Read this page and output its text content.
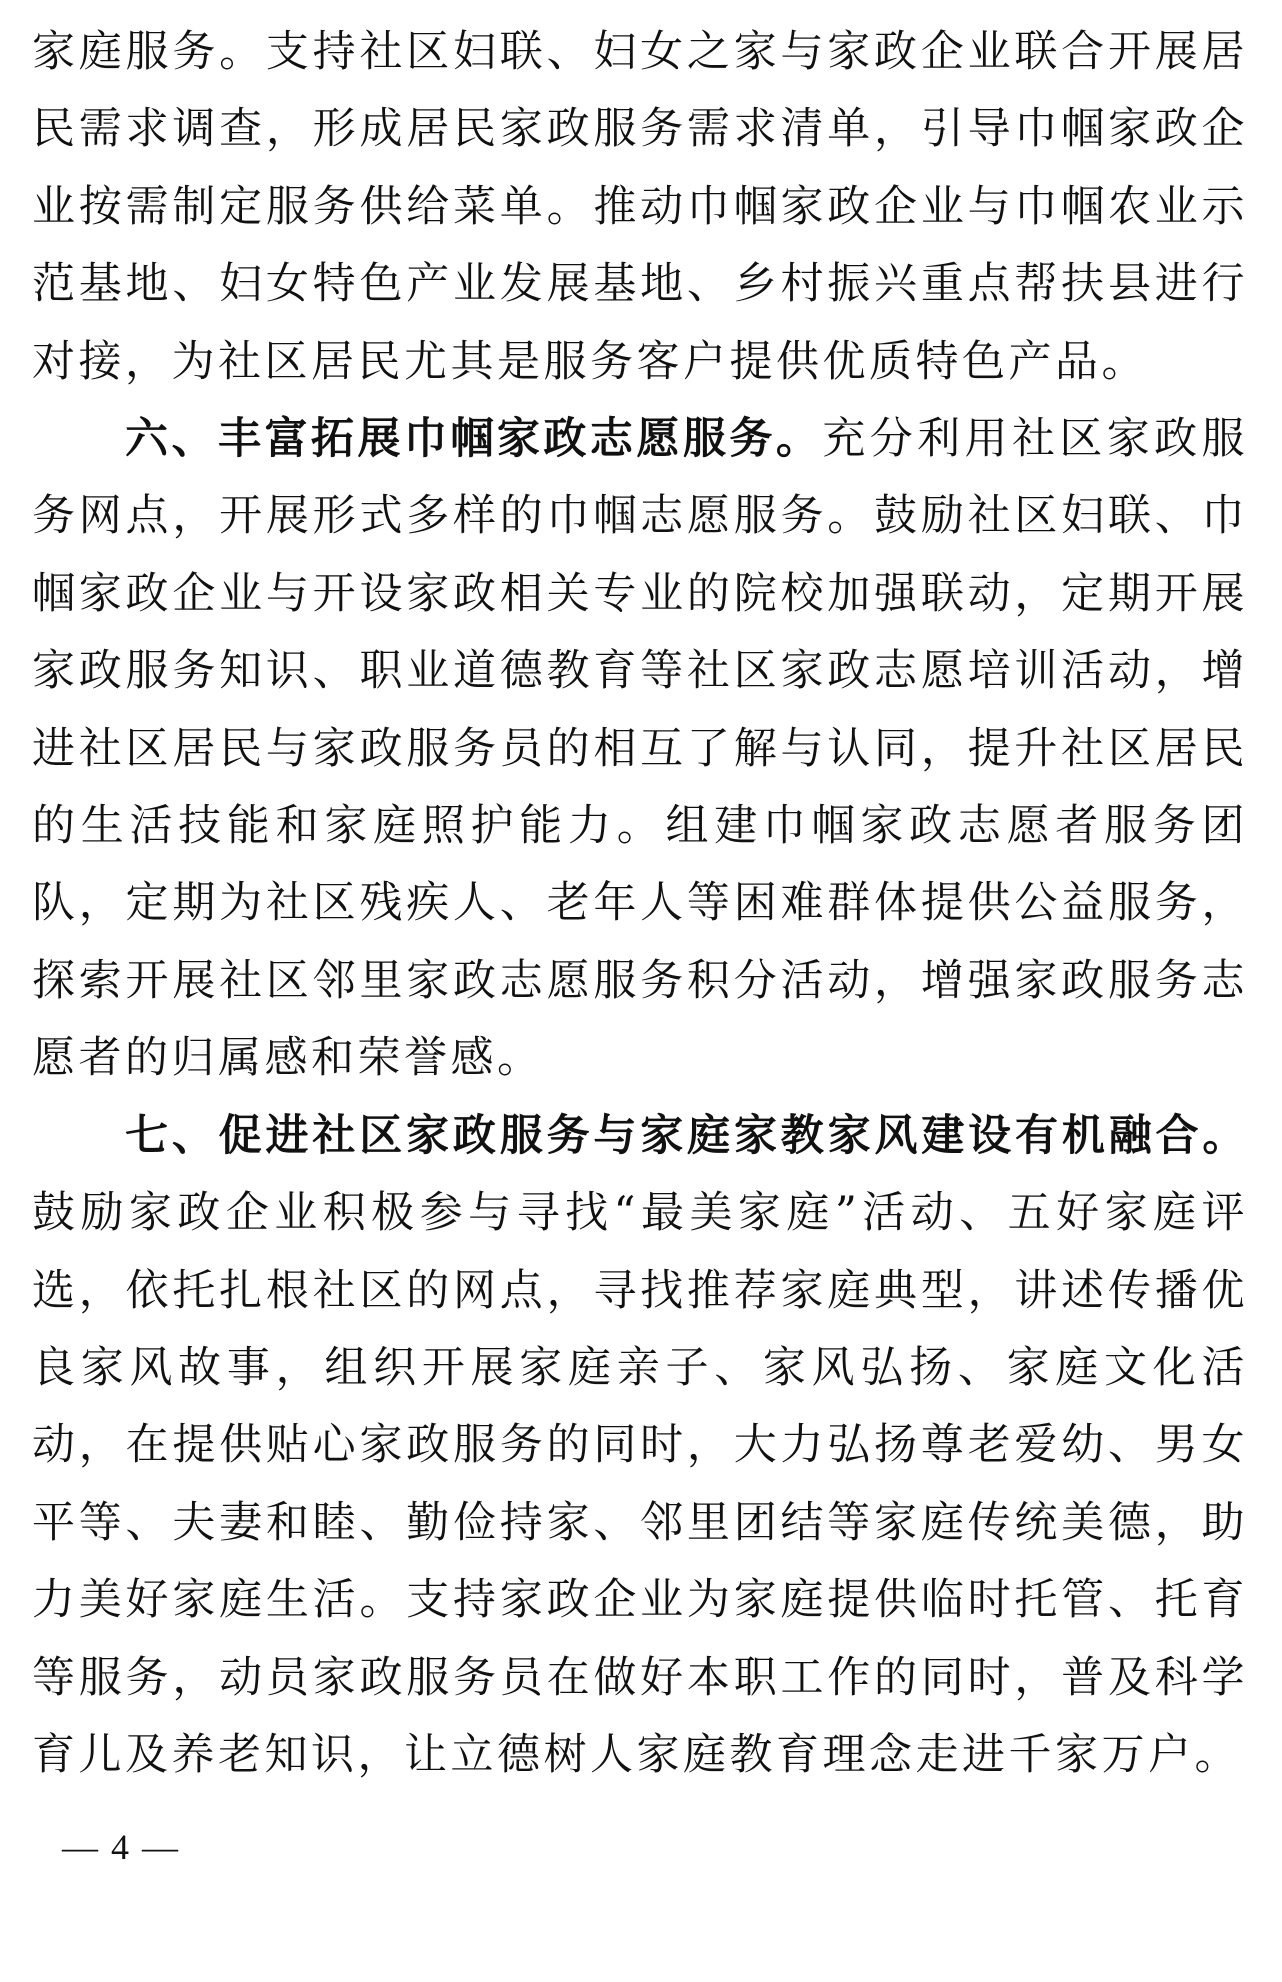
家庭服务。支持社区妇联、妇女之家与家政企业联合开展居民需求调查，形成居民家政服务需求清单，引导巾帼家政企业按需制定服务供给菜单。推动巾帼家政企业与巾帼农业示范基地、妇女特色产业发展基地、乡村振兴重点帮扶县进行对接，为社区居民尤其是服务客户提供优质特色产品。

六、丰富拓展巾帼家政志愿服务。充分利用社区家政服务网点，开展形式多样的巾帼志愿服务。鼓励社区妇联、巾帼家政企业与开设家政相关专业的院校加强联动，定期开展家政服务知识、职业道德教育等社区家政志愿培训活动，增进社区居民与家政服务员的相互了解与认同，提升社区居民的生活技能和家庭照护能力。组建巾帼家政志愿者服务团队，定期为社区残疾人、老年人等困难群体提供公益服务，探索开展社区邻里家政志愿服务积分活动，增强家政服务志愿者的归属感和荣誉感。

七、促进社区家政服务与家庭家教家风建设有机融合。鼓励家政企业积极参与寻找“最美家庭”活动、五好家庭评选，依托扎根社区的网点，寻找推荐家庭典型，讲述传播优良家风故事，组织开展家庭亲子、家风弘扬、家庭文化活动，在提供贴心家政服务的同时，大力弘扬尊老爱幼、男女平等、夫妻和睦、勤俭持家、邻里团结等家庭传统美德，助力美好家庭生活。支持家政企业为家庭提供临时托管、托育等服务，动员家政服务员在做好本职工作的同时，普及科学育儿及养老知识，让立德树人家庭教育理念走进千家万户。

— 4 —
